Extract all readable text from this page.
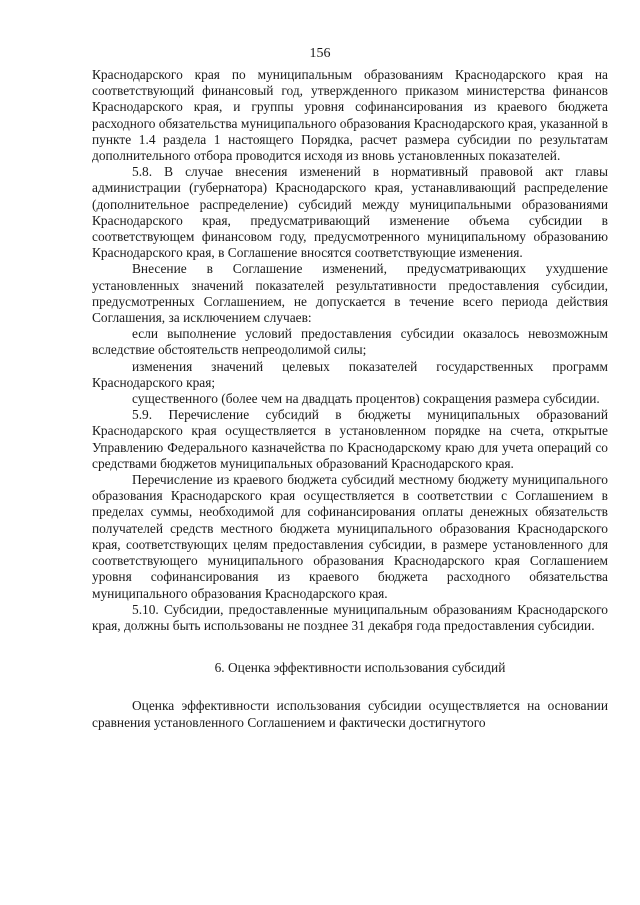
156

Краснодарского края по муниципальным образованиям Краснодарского края на соответствующий финансовый год, утвержденного приказом министерства финансов Краснодарского края, и группы уровня софинансирования из краевого бюджета расходного обязательства муниципального образования Краснодарского края, указанной в пункте 1.4 раздела 1 настоящего Порядка, расчет размера субсидии по результатам дополнительного отбора проводится исходя из вновь установленных показателей.

5.8. В случае внесения изменений в нормативный правовой акт главы администрации (губернатора) Краснодарского края, устанавливающий распределение (дополнительное распределение) субсидий между муниципальными образованиями Краснодарского края, предусматривающий изменение объема субсидии в соответствующем финансовом году, предусмотренного муниципальному образованию Краснодарского края, в Соглашение вносятся соответствующие изменения.

Внесение в Соглашение изменений, предусматривающих ухудшение установленных значений показателей результативности предоставления субсидии, предусмотренных Соглашением, не допускается в течение всего периода действия Соглашения, за исключением случаев:

если выполнение условий предоставления субсидии оказалось невозможным вследствие обстоятельств непреодолимой силы;

изменения значений целевых показателей государственных программ Краснодарского края;

существенного (более чем на двадцать процентов) сокращения размера субсидии.

5.9. Перечисление субсидий в бюджеты муниципальных образований Краснодарского края осуществляется в установленном порядке на счета, открытые Управлению Федерального казначейства по Краснодарскому краю для учета операций со средствами бюджетов муниципальных образований Краснодарского края.

Перечисление из краевого бюджета субсидий местному бюджету муниципального образования Краснодарского края осуществляется в соответствии с Соглашением в пределах суммы, необходимой для софинансирования оплаты денежных обязательств получателей средств местного бюджета муниципального образования Краснодарского края, соответствующих целям предоставления субсидии, в размере установленного для соответствующего муниципального образования Краснодарского края Соглашением уровня софинансирования из краевого бюджета расходного обязательства муниципального образования Краснодарского края.

5.10. Субсидии, предоставленные муниципальным образованиям Краснодарского края, должны быть использованы не позднее 31 декабря года предоставления субсидии.

6. Оценка эффективности использования субсидий

Оценка эффективности использования субсидии осуществляется на основании сравнения установленного Соглашением и фактически достигнутого
